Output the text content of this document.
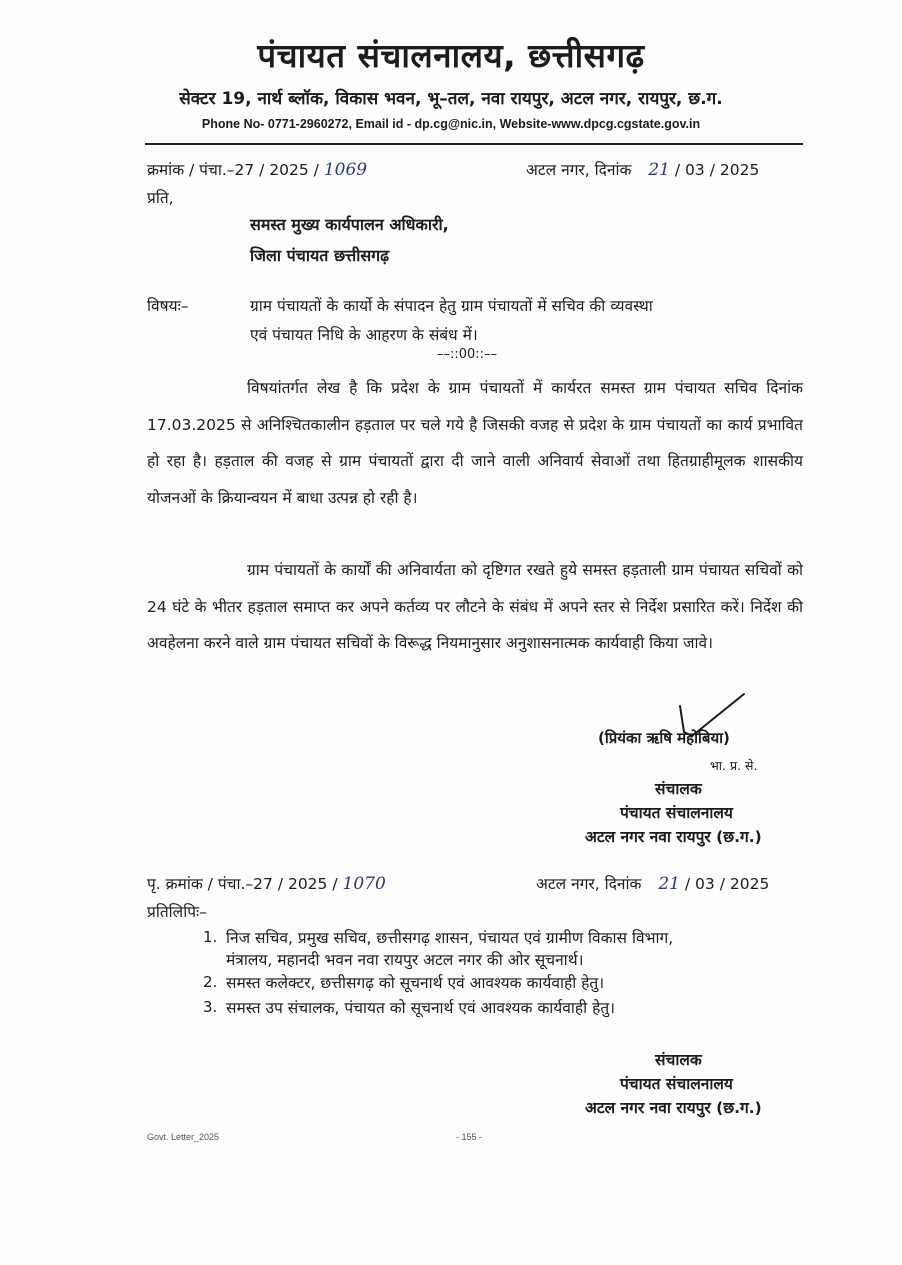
पंचायत संचालनालय, छत्तीसगढ़
सेक्टर 19, नार्थ ब्लॉक, विकास भवन, भू–तल, नवा रायपुर, अटल नगर, रायपुर, छ.ग.
Phone No- 0771-2960272, Email id - dp.cg@nic.in, Website-www.dpcg.cgstate.gov.in
क्रमांक / पंचा.–27 / 2025 / 1069	अटल नगर, दिनांक 21 / 03 / 2025
प्रति,
समस्त मुख्य कार्यपालन अधिकारी,
जिला पंचायत छत्तीसगढ़
विषयः–	ग्राम पंचायतों के कार्यो के संपादन हेतु ग्राम पंचायतों में सचिव की व्यवस्था
एवं पंचायत निधि के आहरण के संबंध में।
––::00::––
विषयांतर्गत लेख है कि प्रदेश के ग्राम पंचायतों में कार्यरत समस्त ग्राम पंचायत सचिव दिनांक 17.03.2025 से अनिश्चितकालीन हड़ताल पर चले गये है जिसकी वजह से प्रदेश के ग्राम पंचायतों का कार्य प्रभावित हो रहा है। हड़ताल की वजह से ग्राम पंचायतों द्वारा दी जाने वाली अनिवार्य सेवाओं तथा हितग्राहीमूलक शासकीय योजनओं के क्रियान्वयन में बाधा उत्पन्न हो रही है।
ग्राम पंचायतों के कार्यों की अनिवार्यता को दृष्टिगत रखते हुये समस्त हड़ताली ग्राम पंचायत सचिवों को 24 घंटे के भीतर हड़ताल समाप्त कर अपने कर्तव्य पर लौटने के संबंध में अपने स्तर से निर्देश प्रसारित करें। निर्देश की अवहेलना करने वाले ग्राम पंचायत सचिवों के विरूद्ध नियमानुसार अनुशासनात्मक कार्यवाही किया जावे।
(प्रियंका ऋषि महोबिया)
भा. प्र. से.
संचालक
पंचायत संचालनालय
अटल नगर नवा रायपुर (छ.ग.)
पृ. क्रमांक / पंचा.–27 / 2025 / 1070	अटल नगर, दिनांक 21 / 03 / 2025
प्रतिलिपिः–
1. निज सचिव, प्रमुख सचिव, छत्तीसगढ़ शासन, पंचायत एवं ग्रामीण विकास विभाग,
मंत्रालय, महानदी भवन नवा रायपुर अटल नगर की ओर सूचनार्थ।
2. समस्त कलेक्टर, छत्तीसगढ़ को सूचनार्थ एवं आवश्यक कार्यवाही हेतु।
3. समस्त उप संचालक, पंचायत को सूचनार्थ एवं आवश्यक कार्यवाही हेतु।
संचालक
पंचायत संचालनालय
अटल नगर नवा रायपुर (छ.ग.)
Govt. Letter_2025	- 155 -
